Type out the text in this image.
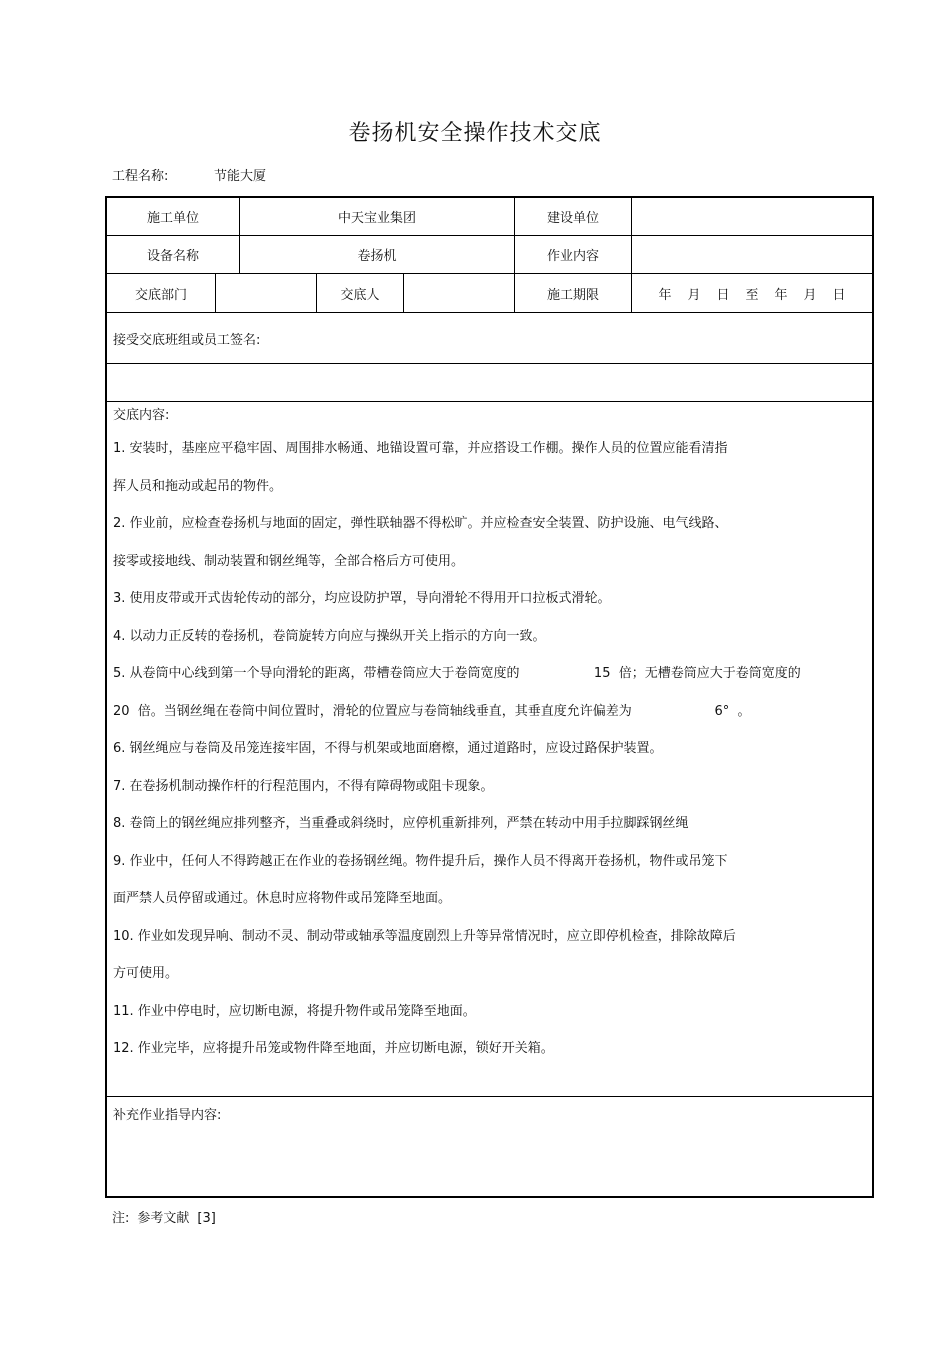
卷扬机安全操作技术交底
工程名称:	节能大厦
施工单位	中天宝业集团	建设单位
设备名称	卷扬机	作业内容
交底部门	交底人	施工期限	年 月 日 至 年 月 日
接受交底班组或员工签名:
交底内容:
1. 安装时，基座应平稳牢固、周围排水畅通、地锚设置可靠，并应搭设工作棚。操作人员的位置应能看清指
挥人员和拖动或起吊的物件。
2. 作业前，应检查卷扬机与地面的固定，弹性联轴器不得松旷。并应检查安全装置、防护设施、电气线路、
接零或接地线、制动装置和钢丝绳等，全部合格后方可使用。
3. 使用皮带或开式齿轮传动的部分，均应设防护罩，导向滑轮不得用开口拉板式滑轮。
4. 以动力正反转的卷扬机，卷筒旋转方向应与操纵开关上指示的方向一致。
5. 从卷筒中心线到第一个导向滑轮的距离，带槽卷筒应大于卷筒宽度的                  15  倍；无槽卷筒应大于卷筒宽度的
20  倍。当钢丝绳在卷筒中间位置时，滑轮的位置应与卷筒轴线垂直，其垂直度允许偏差为                    6°  。
6. 钢丝绳应与卷筒及吊笼连接牢固，不得与机架或地面磨檫，通过道路时，应设过路保护装置。
7. 在卷扬机制动操作杆的行程范围内，不得有障碍物或阻卡现象。
8. 卷筒上的钢丝绳应排列整齐，当重叠或斜绕时，应停机重新排列，严禁在转动中用手拉脚踩钢丝绳
9. 作业中，任何人不得跨越正在作业的卷扬钢丝绳。物件提升后，操作人员不得离开卷扬机，物件或吊笼下
面严禁人员停留或通过。休息时应将物件或吊笼降至地面。
10. 作业如发现异响、制动不灵、制动带或轴承等温度剧烈上升等异常情况时，应立即停机检查，排除故障后
方可使用。
11. 作业中停电时，应切断电源，将提升物件或吊笼降至地面。
12. 作业完毕，应将提升吊笼或物件降至地面，并应切断电源，锁好开关箱。
补充作业指导内容:
注: 参考文献 [3]
